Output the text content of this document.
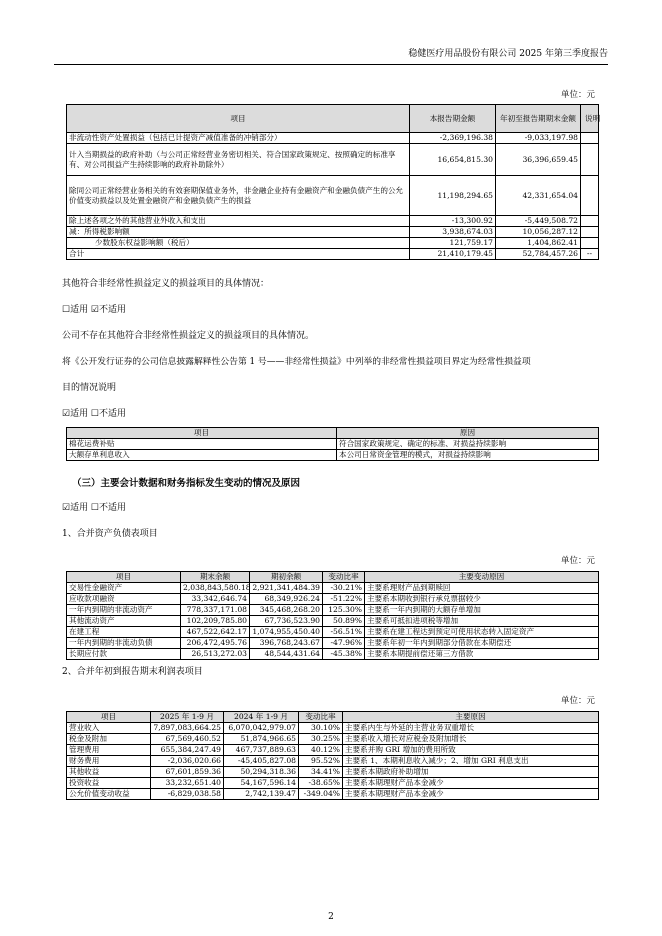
稳健医疗用品股份有限公司 2025 年第三季度报告
单位：元
项目	本报告期金额	年初至报告期期末金额	说明
非流动性资产处置损益（包括已计提资产减值准备的冲销部分）	-2,369,196.38	-9,033,197.98	
计入当期损益的政府补助（与公司正常经营业务密切相关、符合国家政策规定、按照确定的标准享有、对公司损益产生持续影响的政府补助除外）	16,654,815.30	36,396,659.45	
除同公司正常经营业务相关的有效套期保值业务外，非金融企业持有金融资产和金融负债产生的公允价值变动损益以及处置金融资产和金融负债产生的损益	11,198,294.65	42,331,654.04	
除上述各项之外的其他营业外收入和支出	-13,300.92	-5,449,508.72	
减：所得税影响额	3,938,674.03	10,056,287.12	
少数股东权益影响额（税后）	121,759.17	1,404,862.41	
合计	21,410,179.45	52,784,457.26	--
其他符合非经常性损益定义的损益项目的具体情况：
☐适用 ☑不适用
公司不存在其他符合非经常性损益定义的损益项目的具体情况。
将《公开发行证券的公司信息披露解释性公告第 1 号——非经常性损益》中列举的非经常性损益项目界定为经常性损益项
目的情况说明
☑适用 ☐不适用
项目	原因
棉花运费补贴	符合国家政策规定、确定的标准、对损益持续影响
大额存单利息收入	本公司日常资金管理的模式，对损益持续影响
（三）主要会计数据和财务指标发生变动的情况及原因
☑适用 ☐不适用
1、合并资产负债表项目
单位：元
项目	期末余额	期初余额	变动比率	主要变动原因
交易性金融资产	2,038,843,580.18	2,921,341,484.39	-30.21%	主要系理财产品到期赎回
应收款项融资	33,342,646.74	68,349,926.24	-51.22%	主要系本期收到银行承兑票据较少
一年内到期的非流动资产	778,337,171.08	345,468,268.20	125.30%	主要系一年内到期的大额存单增加
其他流动资产	102,209,785.80	67,736,523.90	50.89%	主要系可抵扣进项税等增加
在建工程	467,522,642.17	1,074,955,450.40	-56.51%	主要系在建工程达到预定可使用状态转入固定资产
一年内到期的非流动负债	206,472,495.76	396,768,243.67	-47.96%	主要系年初一年内到期部分借款在本期偿还
长期应付款	26,513,272.03	48,544,431.64	-45.38%	主要系本期提前偿还第三方借款
2、合并年初到报告期末利润表项目
单位：元
项目	2025 年 1-9 月	2024 年 1-9 月	变动比率	主要原因
营业收入	7,897,083,664.25	6,070,042,979.07	30.10%	主要系内生与外延的主营业务双重增长
税金及附加	67,569,460.52	51,874,966.65	30.25%	主要系收入增长对应税金及附加增长
管理费用	655,384,247.49	467,737,889.63	40.12%	主要系并购 GRI 增加的费用所致
财务费用	-2,036,020.66	-45,405,827.08	95.52%	主要系 1、本期利息收入减少；2、增加 GRI 利息支出
其他收益	67,601,859.36	50,294,318.36	34.41%	主要系本期政府补助增加
投资收益	33,232,651.40	54,167,596.14	-38.65%	主要系本期理财产品本金减少
公允价值变动收益	-6,829,038.58	2,742,139.47	-349.04%	主要系本期理财产品本金减少
2
